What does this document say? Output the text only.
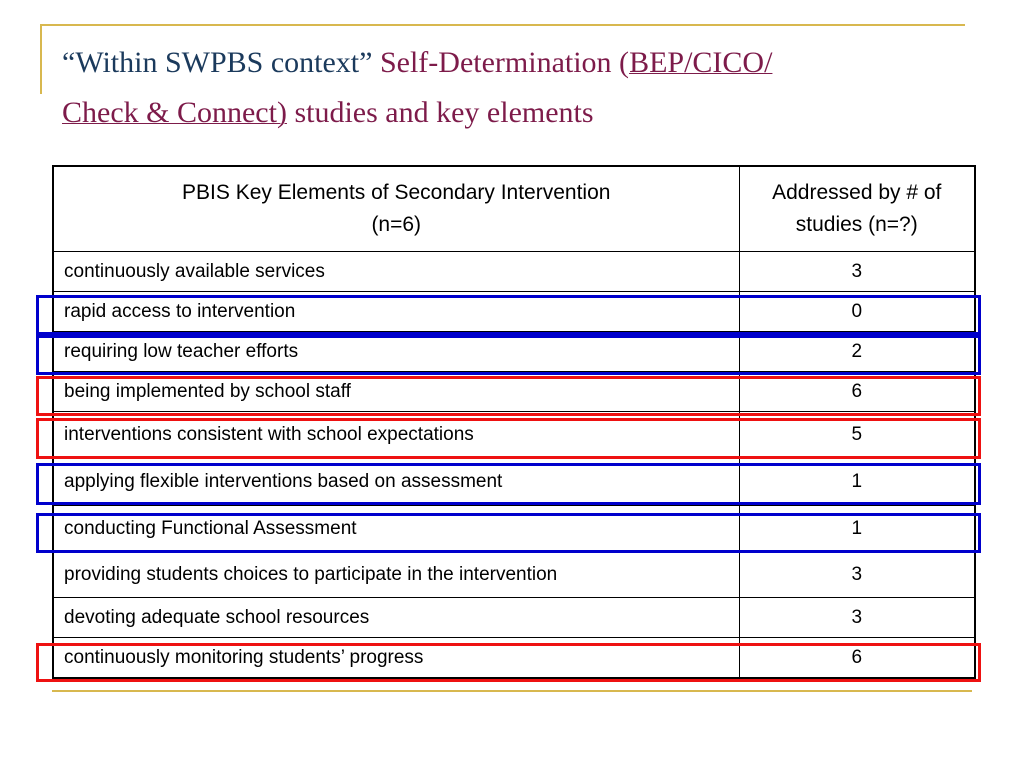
“Within SWPBS context” Self-Determination (BEP/CICO/
Check & Connect) studies and key elements
PBIS Key Elements of Secondary Intervention
(n=6)	Addressed by # of studies (n=?)
continuously available services	3
rapid access to intervention	0
requiring low teacher efforts	2
being implemented by school staff	6
interventions consistent with school expectations	5
applying flexible interventions based on assessment	1
conducting Functional Assessment	1
providing students choices to participate in the intervention	3
devoting adequate school resources	3
continuously monitoring students’ progress	6
